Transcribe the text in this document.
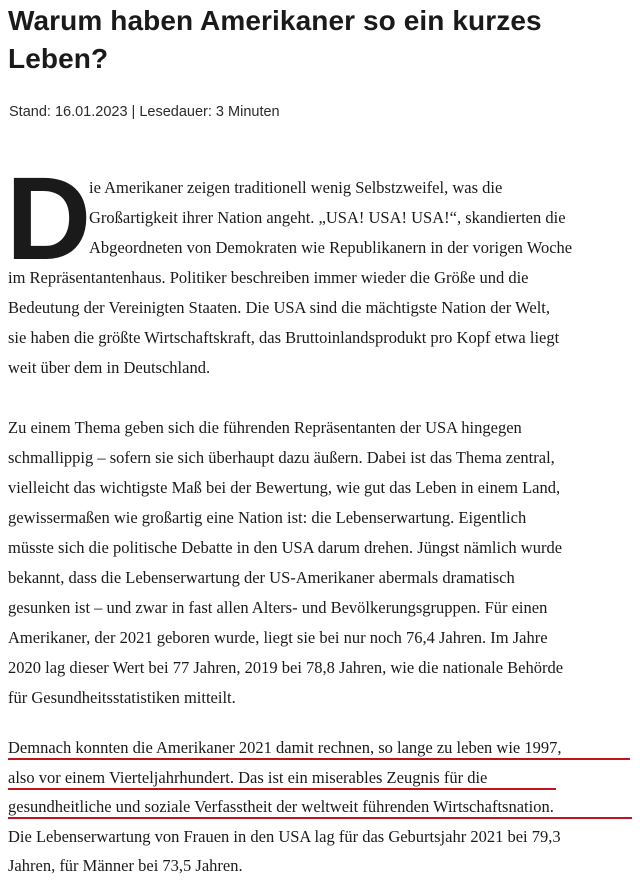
Warum haben Amerikaner so ein kurzes
Leben?
Stand: 16.01.2023 | Lesedauer: 3 Minuten
D
ie Amerikaner zeigen traditionell wenig Selbstzweifel, was die
Großartigkeit ihrer Nation angeht. „USA! USA! USA!“, skandierten die
Abgeordneten von Demokraten wie Republikanern in der vorigen Woche
im Repräsentantenhaus. Politiker beschreiben immer wieder die Größe und die
Bedeutung der Vereinigten Staaten. Die USA sind die mächtigste Nation der Welt,
sie haben die größte Wirtschaftskraft, das Bruttoinlandsprodukt pro Kopf etwa liegt
weit über dem in Deutschland.
Zu einem Thema geben sich die führenden Repräsentanten der USA hingegen
schmallippig – sofern sie sich überhaupt dazu äußern. Dabei ist das Thema zentral,
vielleicht das wichtigste Maß bei der Bewertung, wie gut das Leben in einem Land,
gewissermaßen wie großartig eine Nation ist: die Lebenserwartung. Eigentlich
müsste sich die politische Debatte in den USA darum drehen. Jüngst nämlich wurde
bekannt, dass die Lebenserwartung der US-Amerikaner abermals dramatisch
gesunken ist – und zwar in fast allen Alters- und Bevölkerungsgruppen. Für einen
Amerikaner, der 2021 geboren wurde, liegt sie bei nur noch 76,4 Jahren. Im Jahre
2020 lag dieser Wert bei 77 Jahren, 2019 bei 78,8 Jahren, wie die nationale Behörde
für Gesundheitsstatistiken mitteilt.
Demnach konnten die Amerikaner 2021 damit rechnen, so lange zu leben wie 1997,
also vor einem Vierteljahrhundert. Das ist ein miserables Zeugnis für die
gesundheitliche und soziale Verfasstheit der weltweit führenden Wirtschaftsnation.
Die Lebenserwartung von Frauen in den USA lag für das Geburtsjahr 2021 bei 79,3
Jahren, für Männer bei 73,5 Jahren.
